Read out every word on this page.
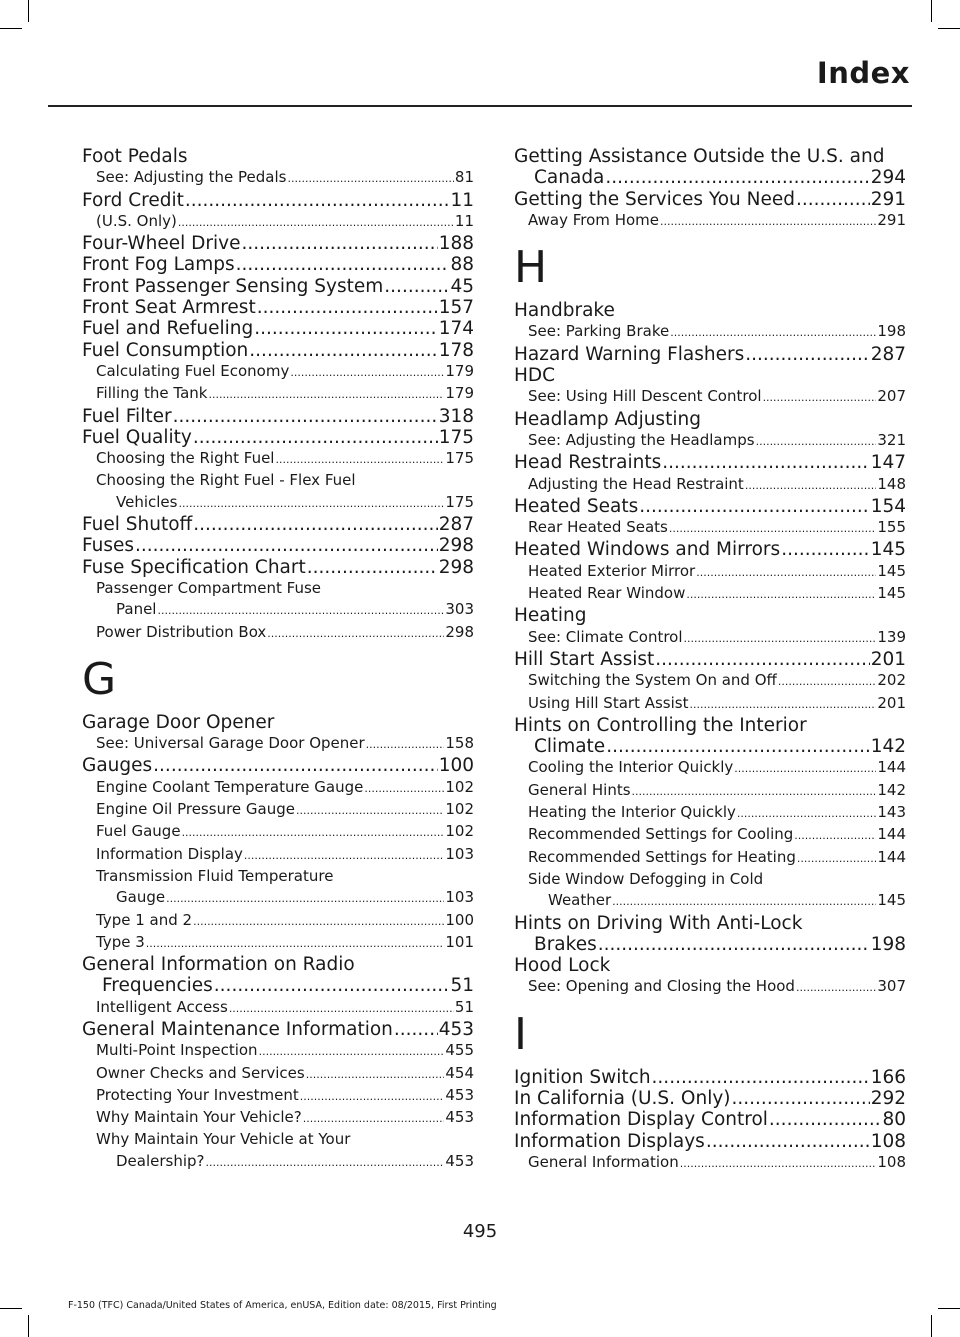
Index
Foot Pedals
See: Adjusting the Pedals .....	81
Ford Credit .....	11
(U.S. Only) .....	11
Four-Wheel Drive .....	188
Front Fog Lamps .....	88
Front Passenger Sensing System .....	45
Front Seat Armrest .....	157
Fuel and Refueling .....	174
Fuel Consumption .....	178
Calculating Fuel Economy .....	179
Filling the Tank .....	179
Fuel Filter .....	318
Fuel Quality .....	175
Choosing the Right Fuel .....	175
Choosing the Right Fuel - Flex Fuel
Vehicles .....	175
Fuel Shutoff .....	287
Fuses .....	298
Fuse Specification Chart .....	298
Passenger Compartment Fuse
Panel .....	303
Power Distribution Box .....	298
G
Garage Door Opener
See: Universal Garage Door Opener .....	158
Gauges .....	100
Engine Coolant Temperature Gauge .....	102
Engine Oil Pressure Gauge .....	102
Fuel Gauge .....	102
Information Display .....	103
Transmission Fluid Temperature
Gauge .....	103
Type 1 and 2 .....	100
Type 3 .....	101
General Information on Radio
Frequencies .....	51
Intelligent Access .....	51
General Maintenance Information ..... 453
Multi-Point Inspection .....	455
Owner Checks and Services .....	454
Protecting Your Investment .....	453
Why Maintain Your Vehicle? .....	453
Why Maintain Your Vehicle at Your
Dealership? .....	453
Getting Assistance Outside the U.S. and
Canada .....	294
Getting the Services You Need .....	291
Away From Home .....	291
H
Handbrake
See: Parking Brake .....	198
Hazard Warning Flashers .....	287
HDC
See: Using Hill Descent Control .....	207
Headlamp Adjusting
See: Adjusting the Headlamps .....	321
Head Restraints .....	147
Adjusting the Head Restraint .....	148
Heated Seats .....	154
Rear Heated Seats .....	155
Heated Windows and Mirrors .....	145
Heated Exterior Mirror .....	145
Heated Rear Window .....	145
Heating
See: Climate Control .....	139
Hill Start Assist .....	201
Switching the System On and Off .....	202
Using Hill Start Assist .....	201
Hints on Controlling the Interior
Climate .....	142
Cooling the Interior Quickly .....	144
General Hints .....	142
Heating the Interior Quickly .....	143
Recommended Settings for Cooling .....	144
Recommended Settings for Heating .....	144
Side Window Defogging in Cold
Weather .....	145
Hints on Driving With Anti-Lock
Brakes .....	198
Hood Lock
See: Opening and Closing the Hood .....	307
I
Ignition Switch .....	166
In California (U.S. Only) .....	292
Information Display Control .....	80
Information Displays .....	108
General Information .....	108
495
F-150 (TFC) Canada/United States of America, enUSA, Edition date: 08/2015, First Printing
